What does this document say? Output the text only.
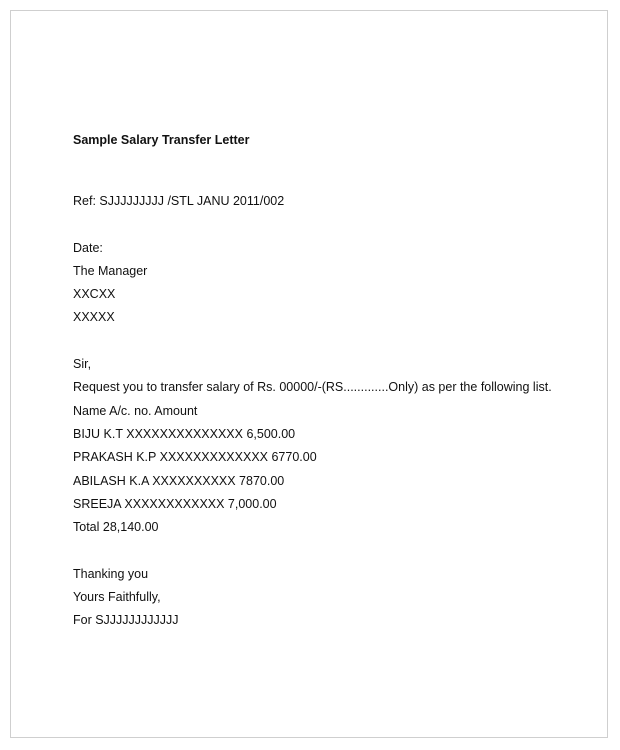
Sample Salary Transfer Letter

Ref: SJJJJJJJJJ /STL JANU 2011/002

Date:

The Manager

XXCXX

XXXXX

Sir,

Request you to transfer salary of Rs. 00000/-(RS.............Only) as per the following list.

Name A/c. no. Amount

BIJU K.T XXXXXXXXXXXXXX 6,500.00

PRAKASH K.P XXXXXXXXXXXXX 6770.00

ABILASH K.A XXXXXXXXXX 7870.00

SREEJA XXXXXXXXXXXX 7,000.00

Total 28,140.00

Thanking you

Yours Faithfully,

For SJJJJJJJJJJJJ
